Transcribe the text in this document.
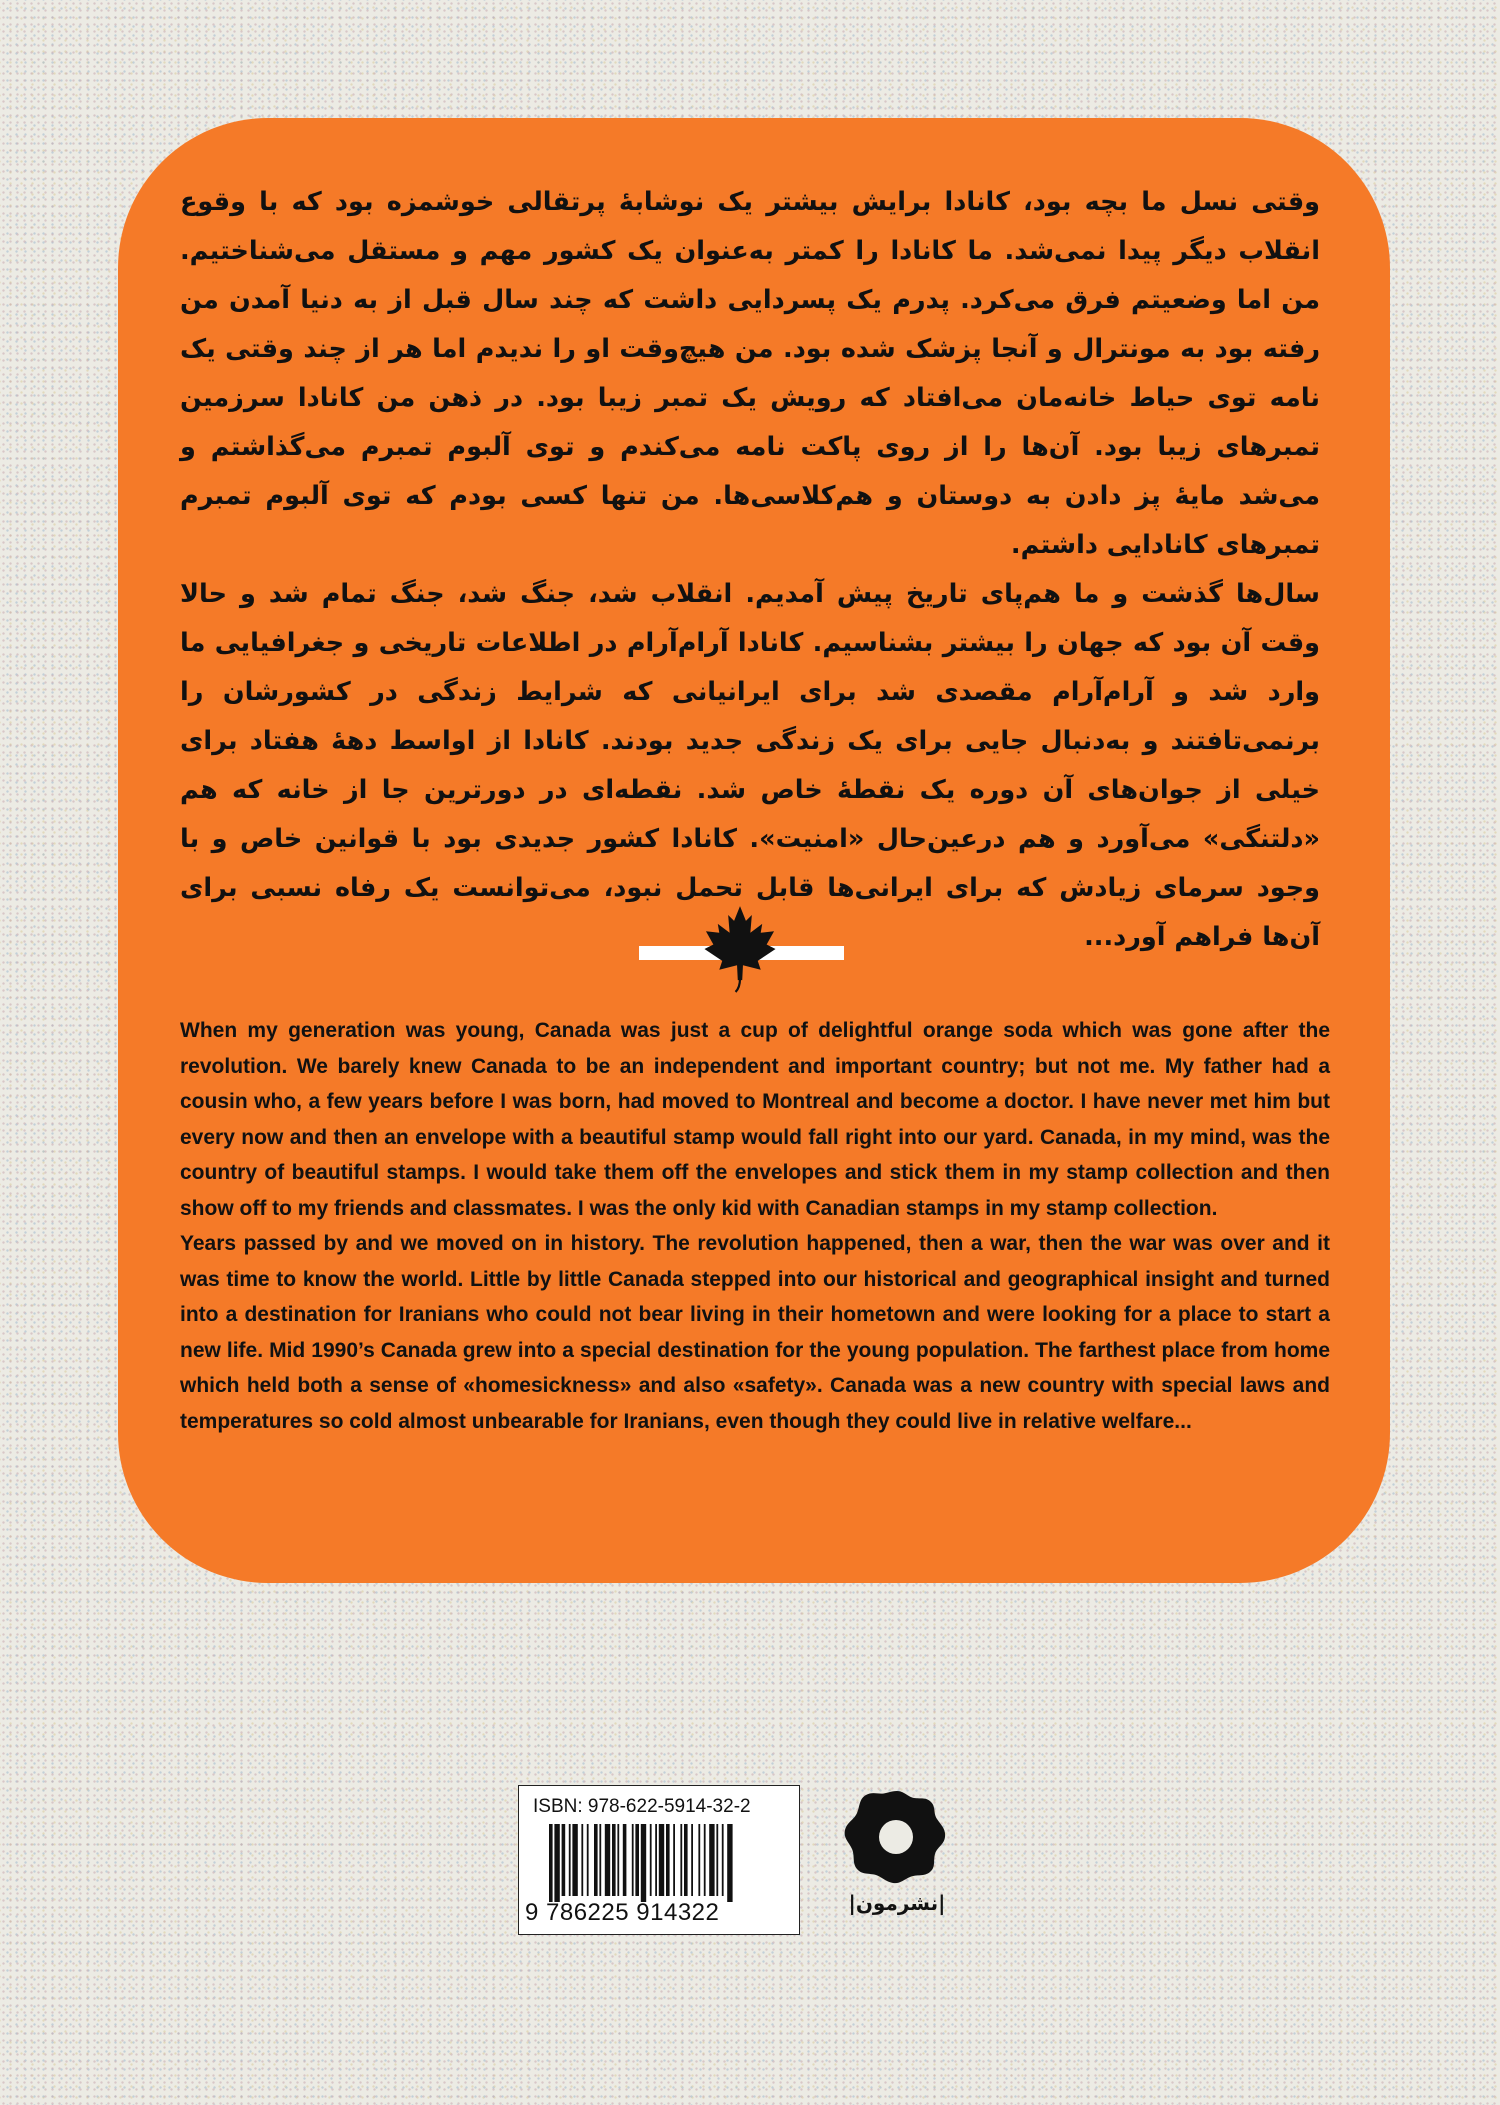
وقتی نسل ما بچه بود، کانادا برایش بیشتر یک نوشابهٔ پرتقالی خوشمزه بود که با وقوع انقلاب دیگر پیدا نمی‌شد. ما کانادا را کمتر به‌عنوان یک کشور مهم و مستقل می‌شناختیم. من اما وضعیتم فرق می‌کرد. پدرم یک پسردایی داشت که چند سال قبل از به دنیا آمدن من رفته بود به مونترال و آنجا پزشک شده بود. من هیچ‌وقت او را ندیدم اما هر از چند وقتی یک نامه توی حیاط خانه‌مان می‌افتاد که رویش یک تمبر زیبا بود. در ذهن من کانادا سرزمین تمبرهای زیبا بود. آن‌ها را از روی پاکت نامه می‌کندم و توی آلبوم تمبرم می‌گذاشتم و می‌شد مایهٔ پز دادن به دوستان و هم‌کلاسی‌ها. من تنها کسی بودم که توی آلبوم تمبرم تمبرهای کانادایی داشتم.

سال‌ها گذشت و ما هم‌پای تاریخ پیش آمدیم. انقلاب شد، جنگ شد، جنگ تمام شد و حالا وقت آن بود که جهان را بیشتر بشناسیم. کانادا آرام‌آرام در اطلاعات تاریخی و جغرافیایی ما وارد شد و آرام‌آرام مقصدی شد برای ایرانیانی که شرایط زندگی در کشورشان را برنمی‌تافتند و به‌دنبال جایی برای یک زندگی جدید بودند. کانادا از اواسط دههٔ هفتاد برای خیلی از جوان‌های آن دوره یک نقطهٔ خاص شد. نقطه‌ای در دورترین جا از خانه که هم «دلتنگی» می‌آورد و هم درعین‌حال «امنیت». کانادا کشور جدیدی بود با قوانین خاص و با وجود سرمای زیادش که برای ایرانی‌ها قابل تحمل نبود، می‌توانست یک رفاه نسبی برای آن‌ها فراهم آورد...

When my generation was young, Canada was just a cup of delightful orange soda which was gone after the revolution. We barely knew Canada to be an independent and important country; but not me. My father had a cousin who, a few years before I was born, had moved to Montreal and become a doctor. I have never met him but every now and then an envelope with a beautiful stamp would fall right into our yard. Canada, in my mind, was the country of beautiful stamps. I would take them off the envelopes and stick them in my stamp collection and then show off to my friends and classmates. I was the only kid with Canadian stamps in my stamp collection.

Years passed by and we moved on in history. The revolution happened, then a war, then the war was over and it was time to know the world. Little by little Canada stepped into our historical and geographical insight and turned into a destination for Iranians who could not bear living in their hometown and were looking for a place to start a new life. Mid 1990’s Canada grew into a special destination for the young population. The farthest place from home which held both a sense of «homesickness» and also «safety». Canada was a new country with special laws and temperatures so cold almost unbearable for Iranians, even though they could live in relative welfare...

ISBN: 978-622-5914-32-2
9 786225 914322	|نشرمون|
